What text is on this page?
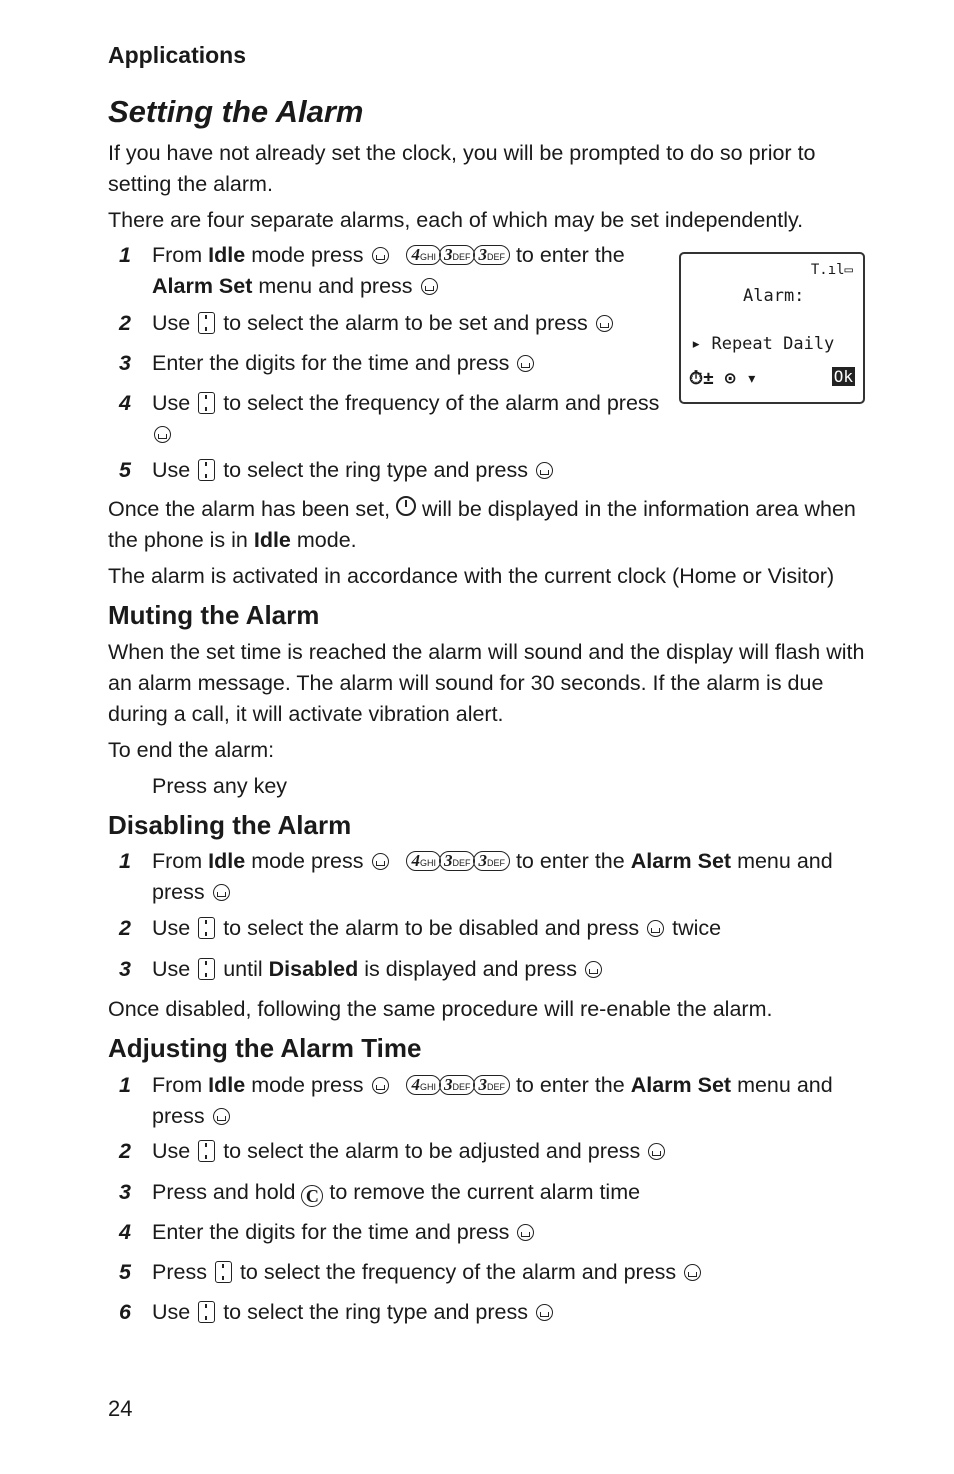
Applications
Setting the Alarm
If you have not already set the clock, you will be prompted to do so prior to setting the alarm.
There are four separate alarms, each of which may be set independently.
1 From Idle mode press	4GHI 3DEF 3DEF to enter the
Alarm Set menu and press
2 Use to select the alarm to be set and press
3 Enter the digits for the time and press
4 Use to select the frequency of the alarm and press

5 Use to select the ring type and press
T.ıl▭
Alarm:
▸ Repeat Daily
⏱± ⊙ ▾	Ok
Once the alarm has been set, will be displayed in the information area when the phone is in Idle mode.
The alarm is activated in accordance with the current clock (Home or Visitor)
Muting the Alarm
When the set time is reached the alarm will sound and the display will flash with an alarm message. The alarm will sound for 30 seconds. If the alarm is due during a call, it will activate vibration alert.
To end the alarm:
Press any key
Disabling the Alarm
1 From Idle mode press	4GHI 3DEF 3DEF to enter the Alarm Set menu and
press
2 Use to select the alarm to be disabled and press twice
3 Use until Disabled is displayed and press
Once disabled, following the same procedure will re-enable the alarm.
Adjusting the Alarm Time
1 From Idle mode press	4GHI 3DEF 3DEF to enter the Alarm Set menu and
press
2 Use to select the alarm to be adjusted and press
3 Press and hold C to remove the current alarm time
4 Enter the digits for the time and press
5 Press to select the frequency of the alarm and press
6 Use to select the ring type and press
24
